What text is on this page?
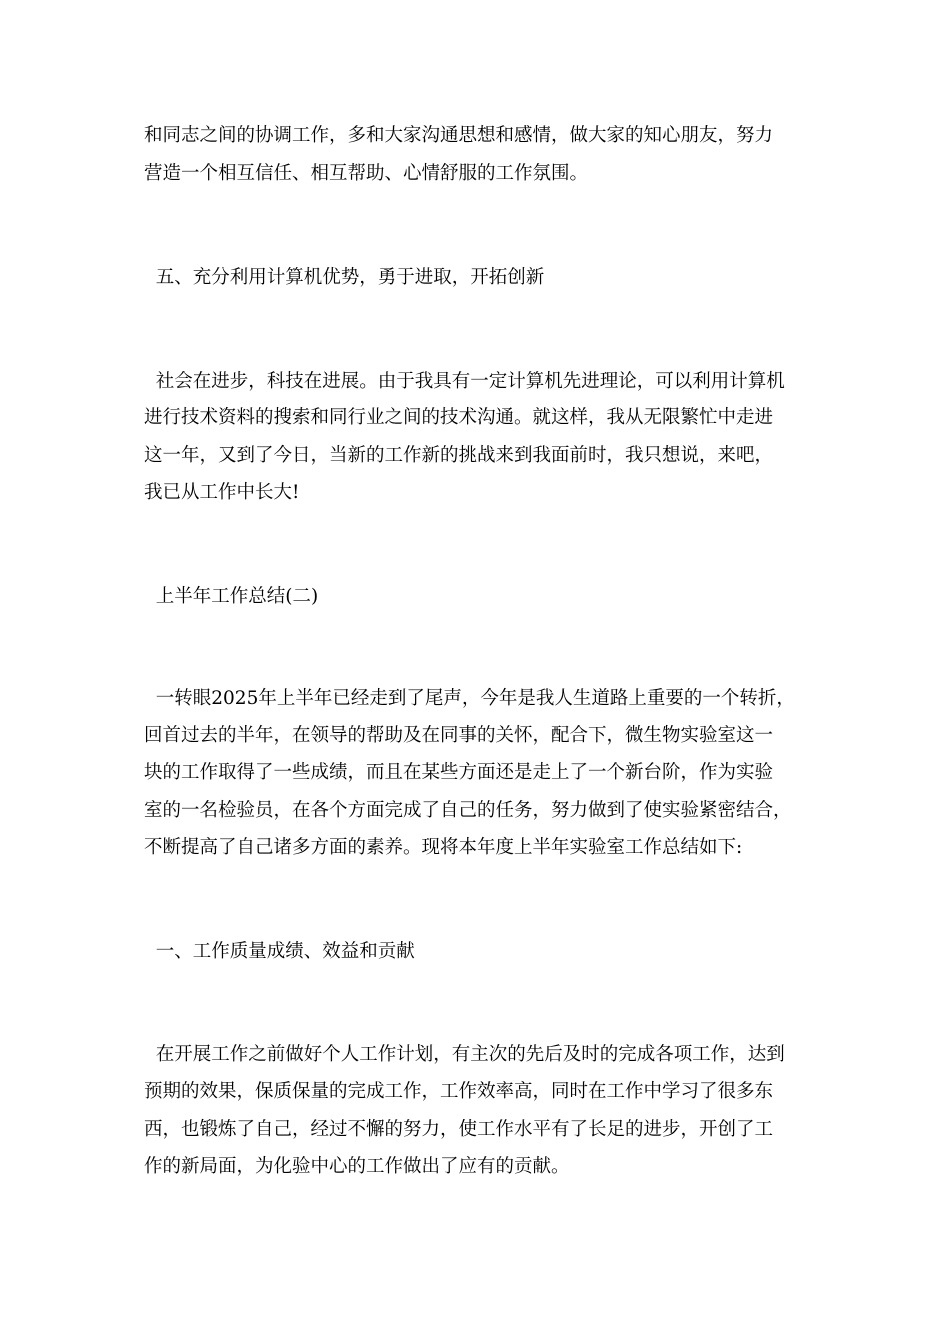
和同志之间的协调工作，多和大家沟通思想和感情，做大家的知心朋友，努力
营造一个相互信任、相互帮助、心情舒服的工作氛围。
五、充分利用计算机优势，勇于进取，开拓创新
社会在进步，科技在进展。由于我具有一定计算机先进理论，可以利用计算机
进行技术资料的搜索和同行业之间的技术沟通。就这样，我从无限繁忙中走进
这一年，又到了今日，当新的工作新的挑战来到我面前时，我只想说，来吧，
我已从工作中长大!
上半年工作总结(二)
一转眼2025年上半年已经走到了尾声，今年是我人生道路上重要的一个转折，
回首过去的半年，在领导的帮助及在同事的关怀，配合下，微生物实验室这一
块的工作取得了一些成绩，而且在某些方面还是走上了一个新台阶，作为实验
室的一名检验员，在各个方面完成了自己的任务，努力做到了使实验紧密结合，
不断提高了自己诸多方面的素养。现将本年度上半年实验室工作总结如下:
一、工作质量成绩、效益和贡献
在开展工作之前做好个人工作计划，有主次的先后及时的完成各项工作，达到
预期的效果，保质保量的完成工作，工作效率高，同时在工作中学习了很多东
西，也锻炼了自己，经过不懈的努力，使工作水平有了长足的进步，开创了工
作的新局面，为化验中心的工作做出了应有的贡献。
